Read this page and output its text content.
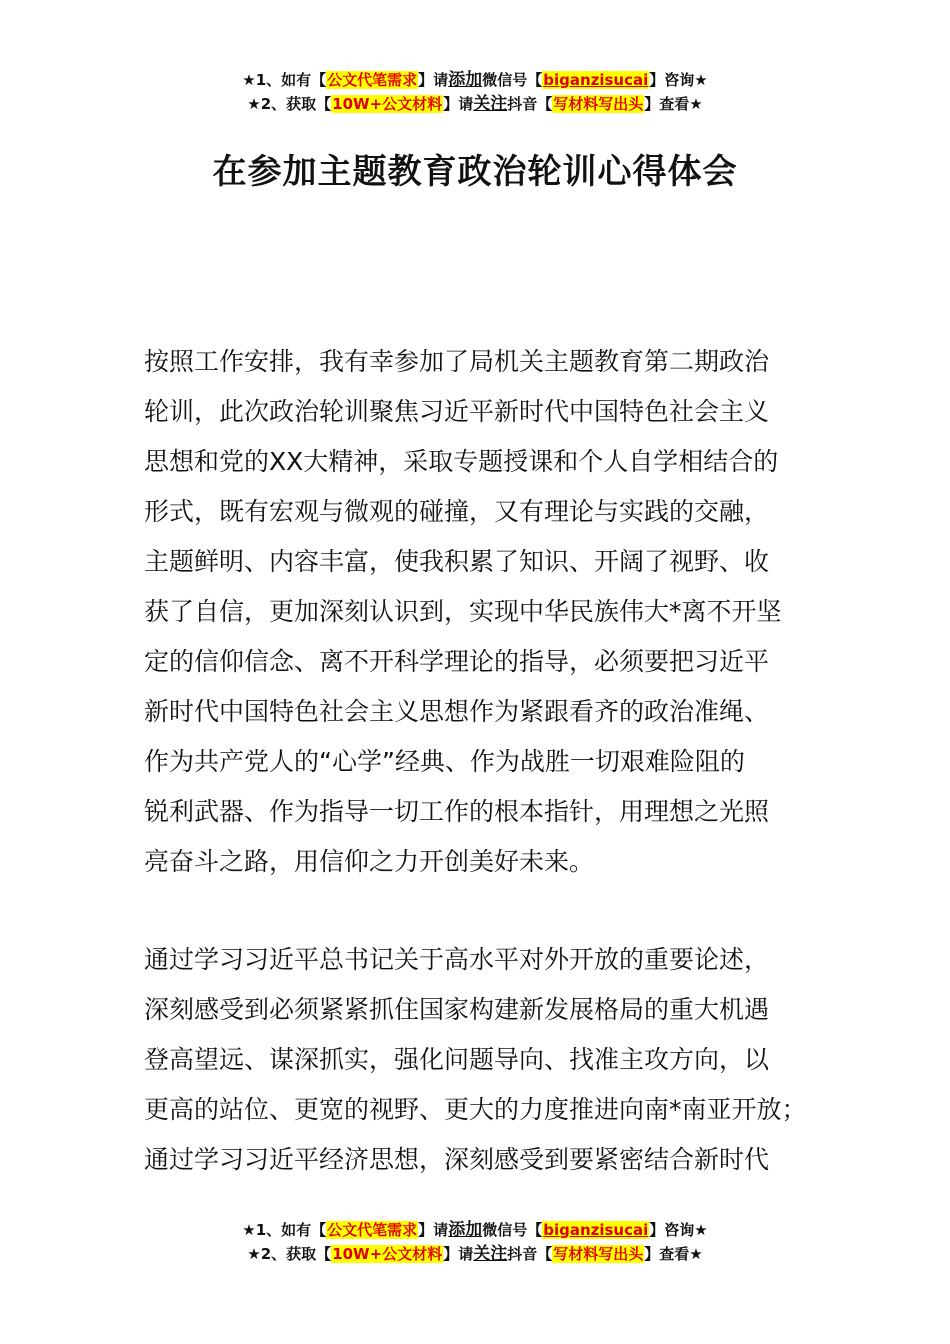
★1、如有【公文代笔需求】请添加微信号【biganzisucai】咨询★
★2、获取【10W+公文材料】请关注抖音【写材料写出头】查看★
在参加主题教育政治轮训心得体会

按照工作安排，我有幸参加了局机关主题教育第二期政治
轮训，此次政治轮训聚焦习近平新时代中国特色社会主义
思想和党的XX大精神，采取专题授课和个人自学相结合的
形式，既有宏观与微观的碰撞，又有理论与实践的交融，
主题鲜明、内容丰富，使我积累了知识、开阔了视野、收
获了自信，更加深刻认识到，实现中华民族伟大*离不开坚
定的信仰信念、离不开科学理论的指导，必须要把习近平
新时代中国特色社会主义思想作为紧跟看齐的政治准绳、
作为共产党人的“心学”经典、作为战胜一切艰难险阻的
锐利武器、作为指导一切工作的根本指针，用理想之光照
亮奋斗之路，用信仰之力开创美好未来。

通过学习习近平总书记关于高水平对外开放的重要论述，
深刻感受到必须紧紧抓住国家构建新发展格局的重大机遇
登高望远、谋深抓实，强化问题导向、找准主攻方向，以
更高的站位、更宽的视野、更大的力度推进向南*南亚开放；
通过学习习近平经济思想，深刻感受到要紧密结合新时代

★1、如有【公文代笔需求】请添加微信号【biganzisucai】咨询★
★2、获取【10W+公文材料】请关注抖音【写材料写出头】查看★
